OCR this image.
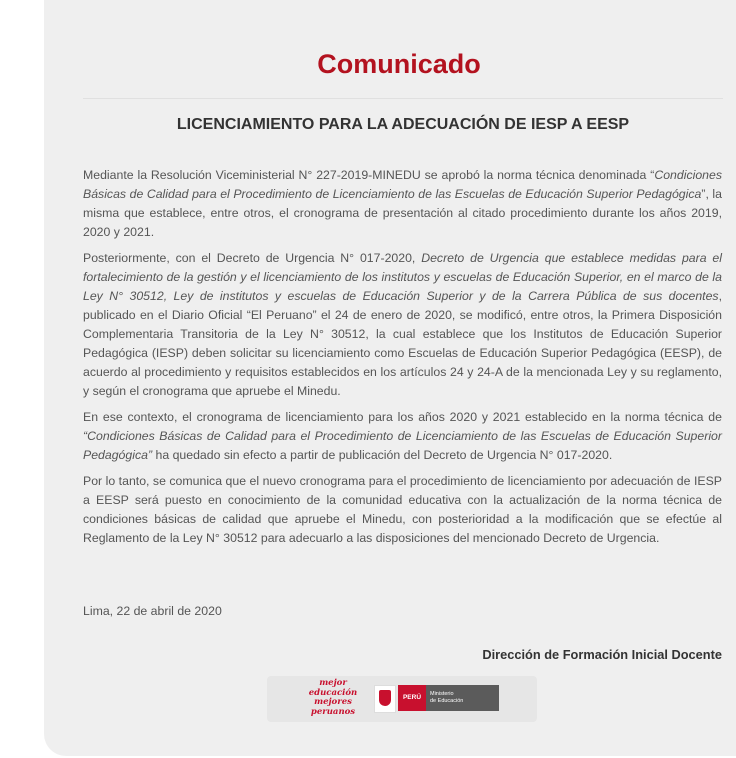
Comunicado
LICENCIAMIENTO PARA LA ADECUACIÓN DE IESP A EESP

Mediante la Resolución Viceministerial N° 227-2019-MINEDU se aprobó la norma técnica denominada “Condiciones Básicas de Calidad para el Procedimiento de Licenciamiento de las Escuelas de Educación Superior Pedagógica”, la misma que establece, entre otros, el cronograma de presentación al citado procedimiento durante los años 2019, 2020 y 2021.

Posteriormente, con el Decreto de Urgencia N° 017-2020, Decreto de Urgencia que establece medidas para el fortalecimiento de la gestión y el licenciamiento de los institutos y escuelas de Educación Superior, en el marco de la Ley N° 30512, Ley de institutos y escuelas de Educación Superior y de la Carrera Pública de sus docentes, publicado en el Diario Oficial “El Peruano” el 24 de enero de 2020, se modificó, entre otros, la Primera Disposición Complementaria Transitoria de la Ley N° 30512, la cual establece que los Institutos de Educación Superior Pedagógica (IESP) deben solicitar su licenciamiento como Escuelas de Educación Superior Pedagógica (EESP), de acuerdo al procedimiento y requisitos establecidos en los artículos 24 y 24-A de la mencionada Ley y su reglamento, y según el cronograma que apruebe el Minedu.

En ese contexto, el cronograma de licenciamiento para los años 2020 y 2021 establecido en la norma técnica de “Condiciones Básicas de Calidad para el Procedimiento de Licenciamiento de las Escuelas de Educación Superior Pedagógica” ha quedado sin efecto a partir de publicación del Decreto de Urgencia N° 017-2020.

Por lo tanto, se comunica que el nuevo cronograma para el procedimiento de licenciamiento por adecuación de IESP a EESP será puesto en conocimiento de la comunidad educativa con la actualización de la norma técnica de condiciones básicas de calidad que apruebe el Minedu, con posterioridad a la modificación que se efectúe al Reglamento de la Ley N° 30512 para adecuarlo a las disposiciones del mencionado Decreto de Urgencia.

Lima, 22 de abril de 2020
Dirección de Formación Inicial Docente
mejor
educación
mejores
peruanos
PERÚ	Ministerio
de Educación
